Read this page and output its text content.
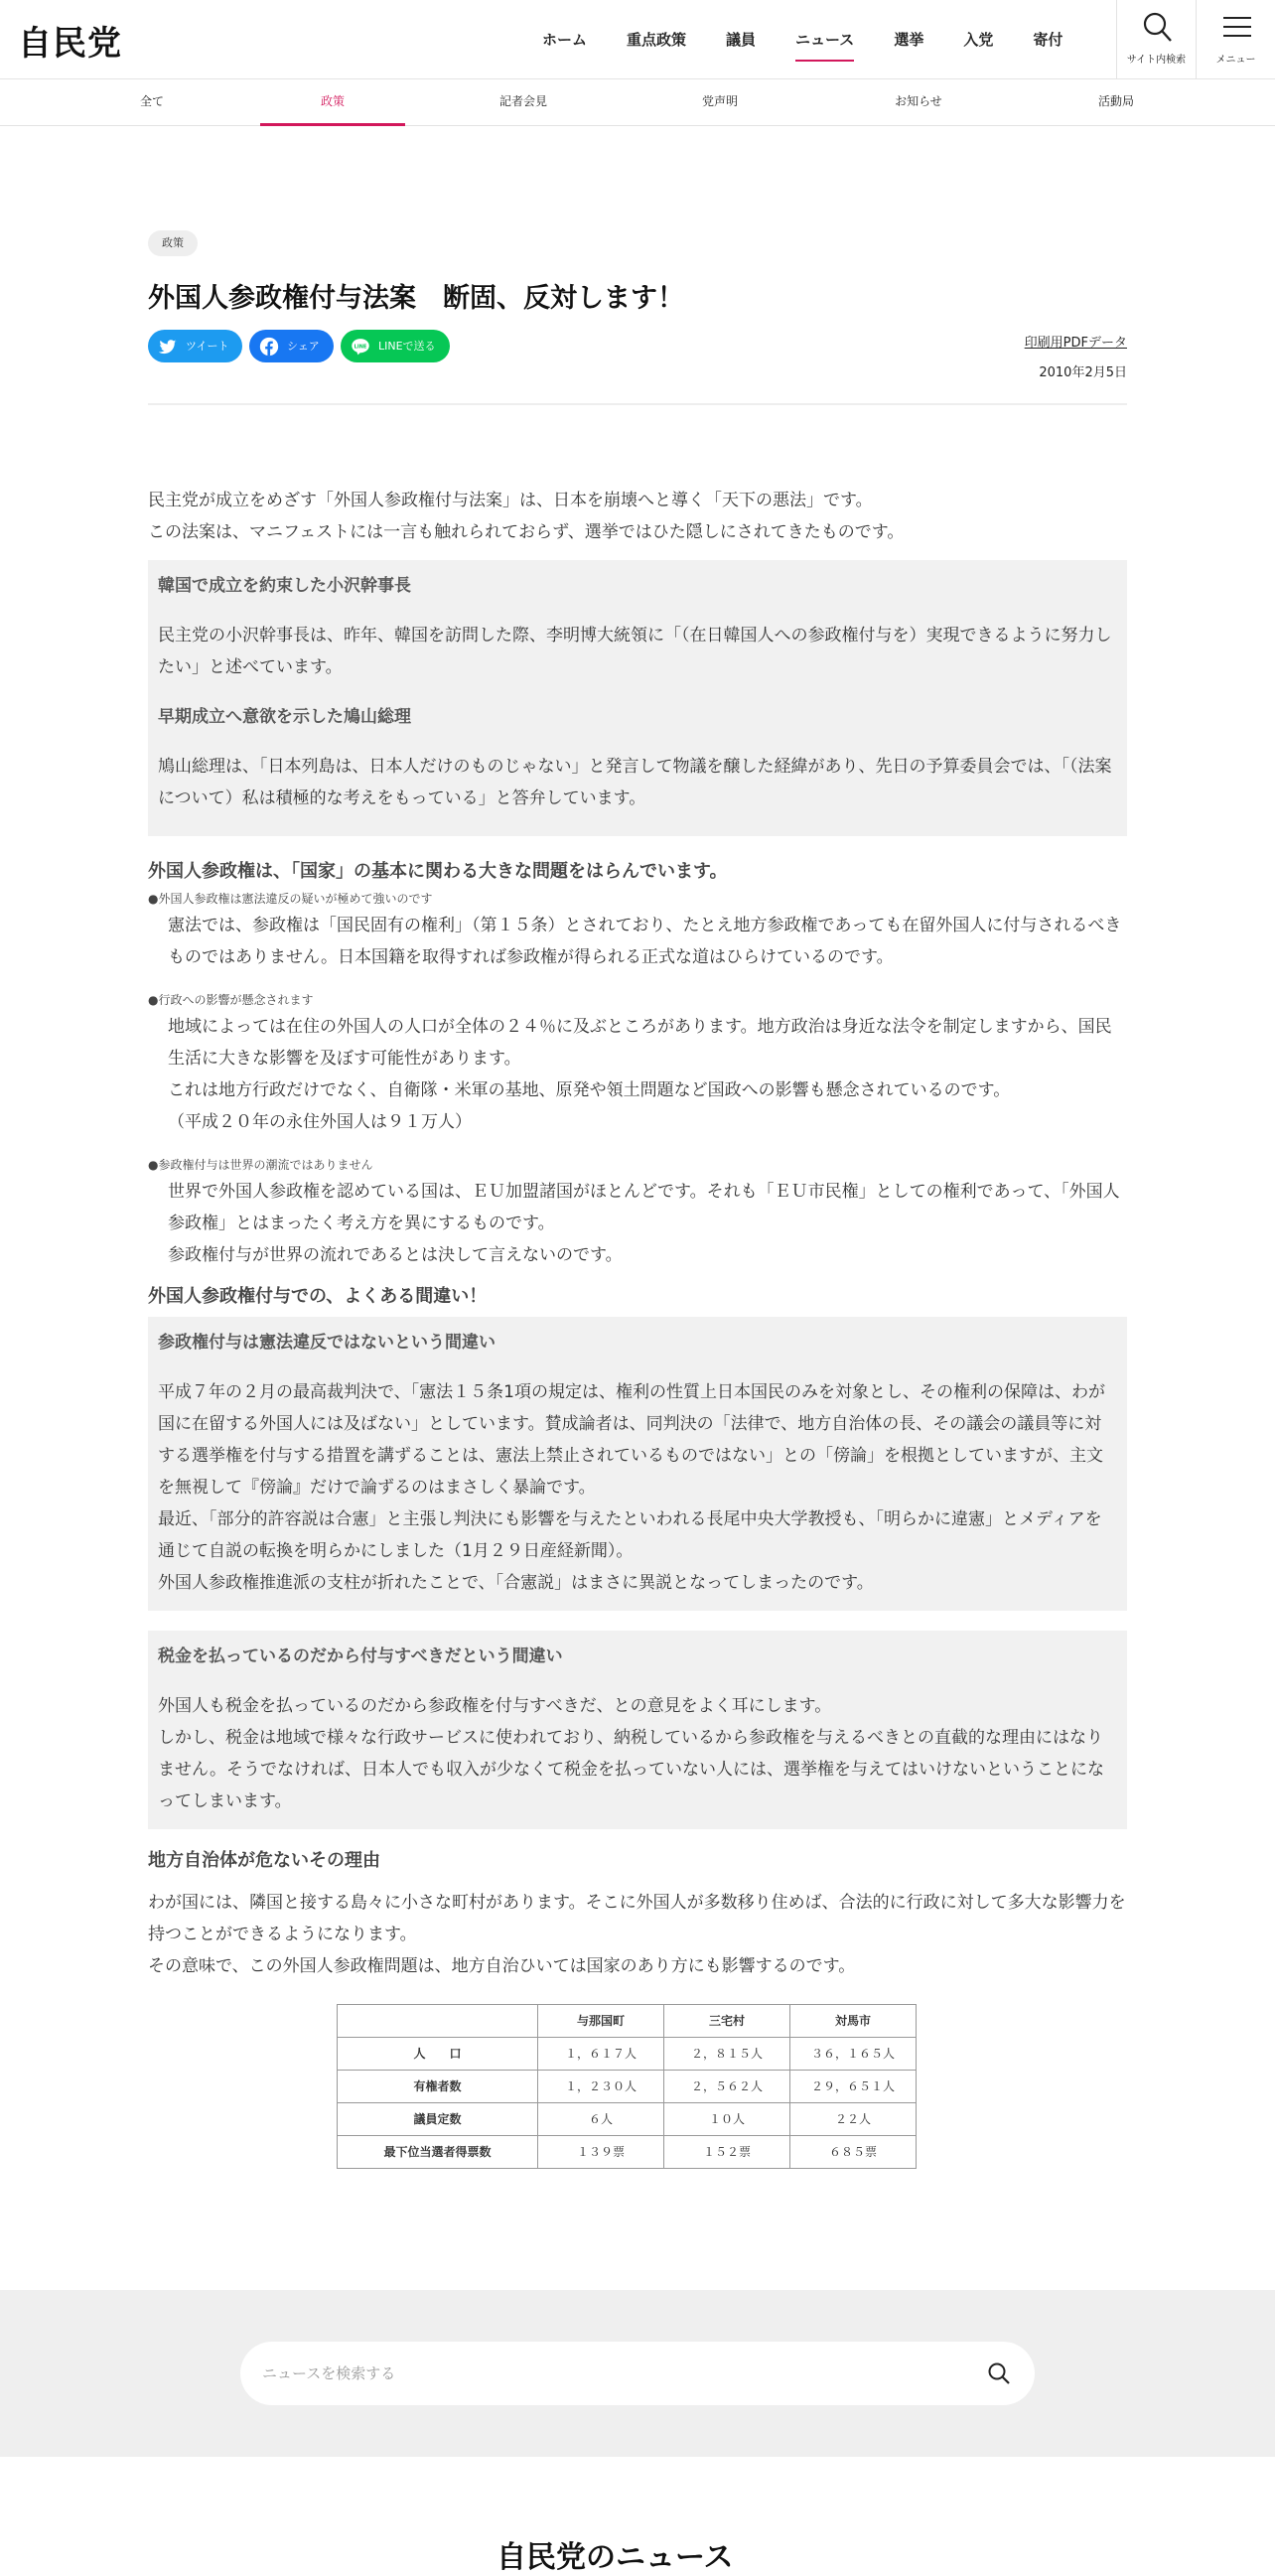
自民党	ホーム	重点政策	議員	ニュース	選挙	入党	寄付
サイト内検索	メニュー
全て	政策	記者会見	党声明	お知らせ	活動局
政策
外国人参政権付与法案　断固、反対します！
ツイート	シェア	LINE LINEで送る	印刷用PDFデータ
2010年2月5日

民主党が成立をめざす「外国人参政権付与法案」は、日本を崩壊へと導く「天下の悪法」です。

この法案は、マニフェストには一言も触れられておらず、選挙ではひた隠しにされてきたものです。

韓国で成立を約束した小沢幹事長

民主党の小沢幹事長は、昨年、韓国を訪問した際、李明博大統領に「（在日韓国人への参政権付与を）実現できるように努力したい」と述べています。

早期成立へ意欲を示した鳩山総理

鳩山総理は、「日本列島は、日本人だけのものじゃない」と発言して物議を醸した経緯があり、先日の予算委員会では、「（法案について）私は積極的な考えをもっている」と答弁しています。

外国人参政権は、「国家」の基本に関わる大きな問題をはらんでいます。
●外国人参政権は憲法違反の疑いが極めて強いのです

憲法では、参政権は「国民固有の権利」（第１５条）とされており、たとえ地方参政権であっても在留外国人に付与されるべきものではありません。日本国籍を取得すれば参政権が得られる正式な道はひらけているのです。

●行政への影響が懸念されます

地域によっては在住の外国人の人口が全体の２４％に及ぶところがあります。地方政治は身近な法令を制定しますから、国民生活に大きな影響を及ぼす可能性があります。

これは地方行政だけでなく、自衛隊・米軍の基地、原発や領土問題など国政への影響も懸念されているのです。

（平成２０年の永住外国人は９１万人）

●参政権付与は世界の潮流ではありません

世界で外国人参政権を認めている国は、ＥＵ加盟諸国がほとんどです。それも「ＥＵ市民権」としての権利であって、「外国人参政権」とはまったく考え方を異にするものです。

参政権付与が世界の流れであるとは決して言えないのです。

外国人参政権付与での、よくある間違い！
参政権付与は憲法違反ではないという間違い

平成７年の２月の最高裁判決で、「憲法１５条1項の規定は、権利の性質上日本国民のみを対象とし、その権利の保障は、わが国に在留する外国人には及ばない」としています。賛成論者は、同判決の「法律で、地方自治体の長、その議会の議員等に対する選挙権を付与する措置を講ずることは、憲法上禁止されているものではない」との「傍論」を根拠としていますが、主文を無視して『傍論』だけで論ずるのはまさしく暴論です。

最近、「部分的許容説は合憲」と主張し判決にも影響を与えたといわれる長尾中央大学教授も、「明らかに違憲」とメディアを通じて自説の転換を明らかにしました（1月２９日産経新聞）。

外国人参政権推進派の支柱が折れたことで、「合憲説」はまさに異説となってしまったのです。

税金を払っているのだから付与すべきだという間違い

外国人も税金を払っているのだから参政権を付与すべきだ、との意見をよく耳にします。

しかし、税金は地域で様々な行政サービスに使われており、納税しているから参政権を与えるべきとの直截的な理由にはなりません。そうでなければ、日本人でも収入が少なくて税金を払っていない人には、選挙権を与えてはいけないということになってしまいます。

地方自治体が危ないその理由

わが国には、隣国と接する島々に小さな町村があります。そこに外国人が多数移り住めば、合法的に行政に対して多大な影響力を持つことができるようになります。

その意味で、この外国人参政権問題は、地方自治ひいては国家のあり方にも影響するのです。

	与那国町	三宅村	対馬市
人　　口	１，６１７人	２，８１５人	３６，１６５人
有権者数	１，２３０人	２，５６２人	２９，６５１人
議員定数	６人	１０人	２２人
最下位当選者得票数	１３９票	１５２票	６８５票
ニュースを検索する
自民党のニュース
